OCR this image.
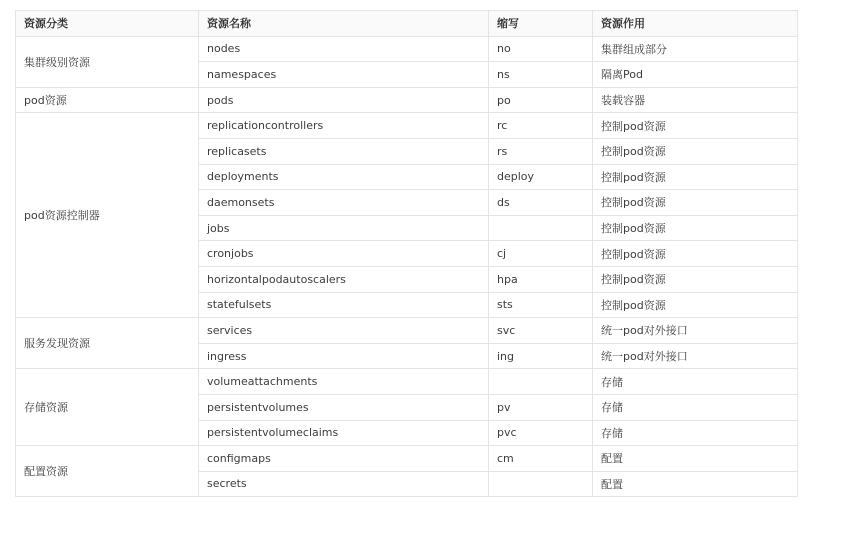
资源分类	资源名称	缩写	资源作用
集群级别资源	nodes	no	集群组成部分
	namespaces	ns	隔离Pod
pod资源	pods	po	装载容器
pod资源控制器	replicationcontrollers	rc	控制pod资源
	replicasets	rs	控制pod资源
	deployments	deploy	控制pod资源
	daemonsets	ds	控制pod资源
	jobs		控制pod资源
	cronjobs	cj	控制pod资源
	horizontalpodautoscalers	hpa	控制pod资源
	statefulsets	sts	控制pod资源
服务发现资源	services	svc	统一pod对外接口
	ingress	ing	统一pod对外接口
存储资源	volumeattachments		存储
	persistentvolumes	pv	存储
	persistentvolumeclaims	pvc	存储
配置资源	configmaps	cm	配置
	secrets		配置
